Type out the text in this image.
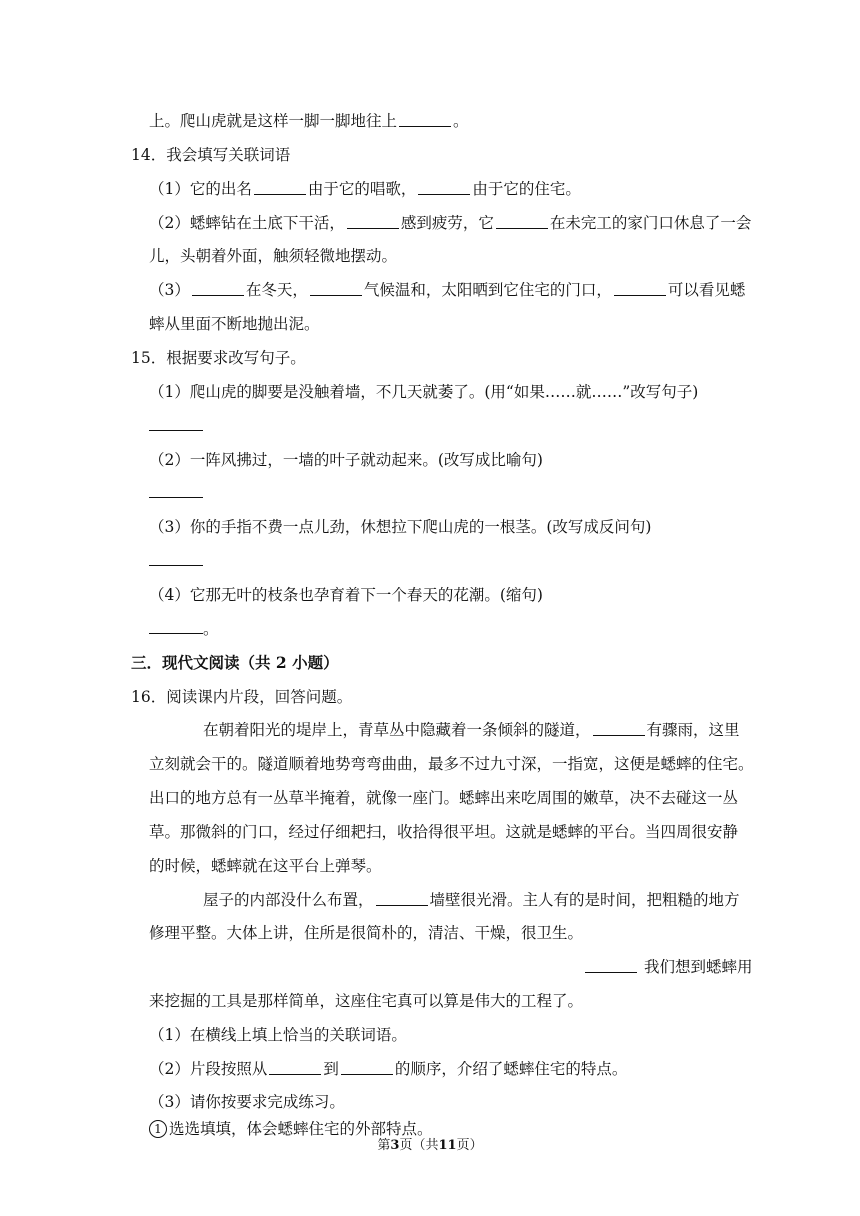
上。爬山虎就是这样一脚一脚地往上	。
14．我会填写关联词语
（1）它的出名	由于它的唱歌，	由于它的住宅。
（2）蟋蟀钻在土底下干活，	感到疲劳，它	在未完工的家门口休息了一会
儿，头朝着外面，触须轻微地摆动。
（3）	在冬天，	气候温和，太阳晒到它住宅的门口，	可以看见蟋
蟀从里面不断地抛出泥。
15．根据要求改写句子。
（1）爬山虎的脚要是没触着墙，不几天就萎了。(用“如果……就……”改写句子)
（2）一阵风拂过，一墙的叶子就动起来。(改写成比喻句)
（3）你的手指不费一点儿劲，休想拉下爬山虎的一根茎。(改写成反问句)
（4）它那无叶的枝条也孕育着下一个春天的花潮。(缩句)
。
三．现代文阅读（共 2 小题）
16．阅读课内片段，回答问题。
在朝着阳光的堤岸上，青草丛中隐藏着一条倾斜的隧道，	有骤雨，这里
立刻就会干的。隧道顺着地势弯弯曲曲，最多不过九寸深，一指宽，这便是蟋蟀的住宅。
出口的地方总有一丛草半掩着，就像一座门。蟋蟀出来吃周围的嫩草，决不去碰这一丛
草。那微斜的门口，经过仔细耙扫，收拾得很平坦。这就是蟋蟀的平台。当四周很安静
的时候，蟋蟀就在这平台上弹琴。
屋子的内部没什么布置，	墙壁很光滑。主人有的是时间，把粗糙的地方
修理平整。大体上讲，住所是很简朴的，清洁、干燥，很卫生。
我们想到蟋蟀用
来挖掘的工具是那样简单，这座住宅真可以算是伟大的工程了。
（1）在横线上填上恰当的关联词语。
（2）片段按照从	到	的顺序，介绍了蟋蟀住宅的特点。
（3）请你按要求完成练习。
1 选选填填，体会蟋蟀住宅的外部特点。
第3页（共11页）
